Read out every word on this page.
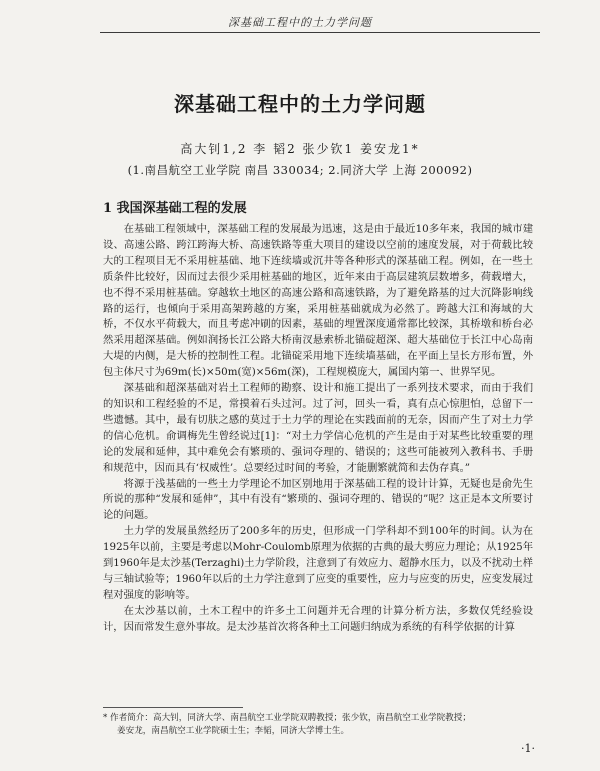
深基础工程中的土力学问题
深基础工程中的土力学问题
高大钊1,2 李 韬2 张少钦1 姜安龙1*
(1.南昌航空工业学院 南昌 330034; 2.同济大学 上海 200092)
1 我国深基础工程的发展

在基础工程领域中，深基础工程的发展最为迅速，这是由于最近10多年来，我国的城市建设、高速公路、跨江跨海大桥、高速铁路等重大项目的建设以空前的速度发展，对于荷载比较大的工程项目无不采用桩基础、地下连续墙或沉井等各种形式的深基础工程。例如，在一些土质条件比较好，因而过去很少采用桩基础的地区，近年来由于高层建筑层数增多，荷载增大，也不得不采用桩基础。穿越软土地区的高速公路和高速铁路，为了避免路基的过大沉降影响线路的运行，也倾向于采用高架跨越的方案，采用桩基础就成为必然了。跨越大江和海域的大桥，不仅水平荷载大，而且考虑冲刷的因素，基础的埋置深度通常都比较深，其桥墩和桥台必然采用超深基础。例如润扬长江公路大桥南汊悬索桥北锚碇超深、超大基础位于长江中心岛南大堤的内侧，是大桥的控制性工程。北锚碇采用地下连续墙基础，在平面上呈长方形布置，外包主体尺寸为69m(长)×50m(宽)×56m(深)，工程规模庞大，属国内第一、世界罕见。

深基础和超深基础对岩土工程师的勘察、设计和施工提出了一系列技术要求，而由于我们的知识和工程经验的不足，常摸着石头过河。过了河，回头一看，真有点心惊胆怕，总留下一些遗憾。其中，最有切肤之感的莫过于土力学的理论在实践面前的无奈，因而产生了对土力学的信心危机。俞调梅先生曾经说过[1]：“对土力学信心危机的产生是由于对某些比较重要的理论的发展和延伸，其中难免会有繁琐的、强词夺理的、错误的；这些可能被列入教科书、手册和规范中，因而具有‘权威性’。总要经过时间的考验，才能删繁就简和去伪存真。”

将源于浅基础的一些土力学理论不加区别地用于深基础工程的设计计算，无疑也是俞先生所说的那种“发展和延伸”，其中有没有“繁琐的、强词夺理的、错误的”呢？这正是本文所要讨论的问题。

土力学的发展虽然经历了200多年的历史，但形成一门学科却不到100年的时间。认为在1925年以前，主要是考虑以Mohr-Coulomb原理为依据的古典的最大剪应力理论；从1925年到1960年是太沙基(Terzaghi)土力学阶段，注意到了有效应力、超静水压力，以及不扰动土样与三轴试验等；1960年以后的土力学注意到了应变的重要性，应力与应变的历史，应变发展过程对强度的影响等。

在太沙基以前，土木工程中的许多土工问题并无合理的计算分析方法，多数仅凭经验设计，因而常发生意外事故。是太沙基首次将各种土工问题归纳成为系统的有科学依据的计算

* 作者简介：高大钊，同济大学、南昌航空工业学院双聘教授；张少钦，南昌航空工业学院教授；
姜安龙，南昌航空工业学院硕士生；李韬，同济大学博士生。
·1·
